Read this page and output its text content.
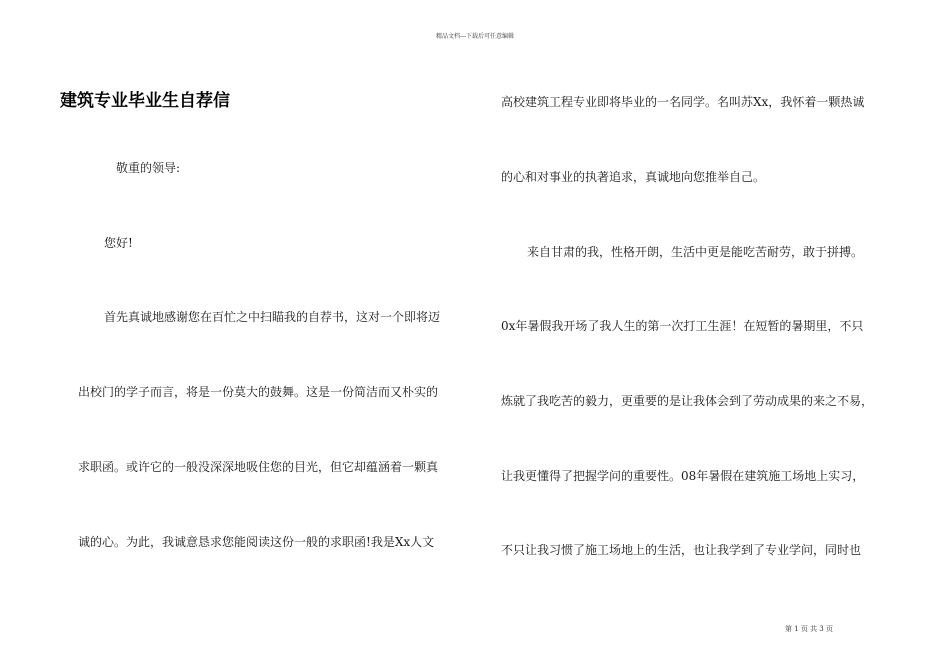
精品文档---下载后可任意编辑
建筑专业毕业生自荐信

敬重的领导:

您好!

首先真诚地感谢您在百忙之中扫瞄我的自荐书，这对一个即将迈

出校门的学子而言，将是一份莫大的鼓舞。这是一份简洁而又朴实的

求职函。或许它的一般没深深地吸住您的目光，但它却蕴涵着一颗真

诚的心。为此，我诚意恳求您能阅读这份一般的求职函!我是Xx人文

高校建筑工程专业即将毕业的一名同学。名叫苏Xx，我怀着一颗热诚

的心和对事业的执著追求，真诚地向您推举自己。

来自甘肃的我，性格开朗，生活中更是能吃苦耐劳，敢于拼搏。

0x年暑假我开场了我人生的第一次打工生涯！在短暂的暑期里，不只

炼就了我吃苦的毅力，更重要的是让我体会到了劳动成果的来之不易，

让我更懂得了把握学问的重要性。08年暑假在建筑施工场地上实习，

不只让我习惯了施工场地上的生活，也让我学到了专业学问，同时也

第 1 页 共 3 页
